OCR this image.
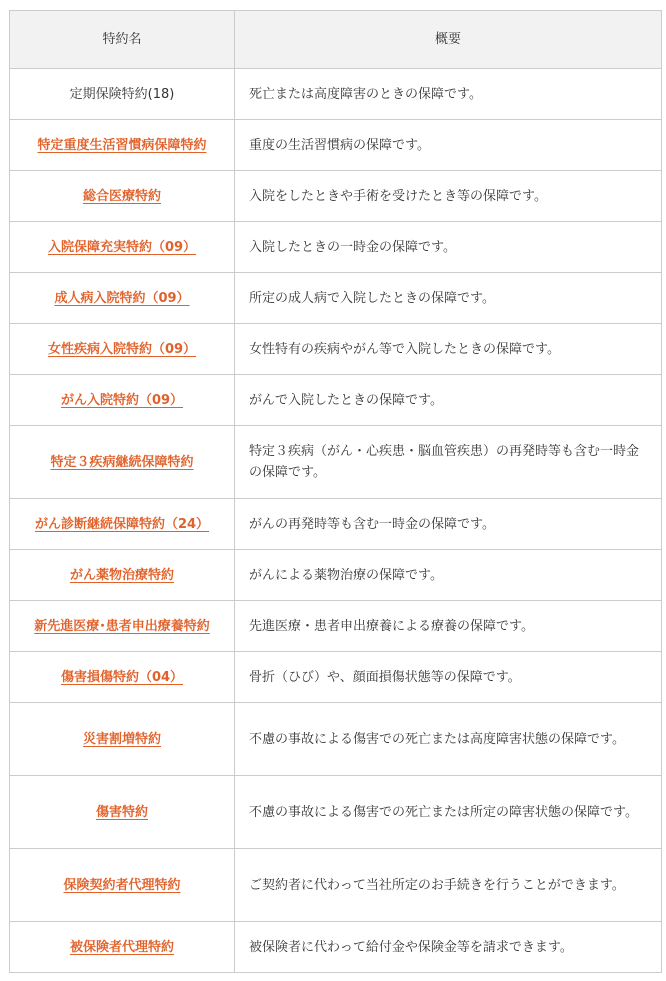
特約名	概要
定期保険特約(18)	死亡または高度障害のときの保障です。
特定重度生活習慣病保障特約	重度の生活習慣病の保障です。
総合医療特約	入院をしたときや手術を受けたとき等の保障です。
入院保障充実特約（09）	入院したときの一時金の保障です。
成人病入院特約（09）	所定の成人病で入院したときの保障です。
女性疾病入院特約（09）	女性特有の疾病やがん等で入院したときの保障です。
がん入院特約（09）	がんで入院したときの保障です。
特定３疾病継続保障特約	特定３疾病（がん・心疾患・脳血管疾患）の再発時等も含む一時金の保障です。
がん診断継続保障特約（24）	がんの再発時等も含む一時金の保障です。
がん薬物治療特約	がんによる薬物治療の保障です。
新先進医療･患者申出療養特約	先進医療・患者申出療養による療養の保障です。
傷害損傷特約（04）	骨折（ひび）や、顔面損傷状態等の保障です。
災害割増特約	不慮の事故による傷害での死亡または高度障害状態の保障です。
傷害特約	不慮の事故による傷害での死亡または所定の障害状態の保障です。
保険契約者代理特約	ご契約者に代わって当社所定のお手続きを行うことができます。
被保険者代理特約	被保険者に代わって給付金や保険金等を請求できます。
